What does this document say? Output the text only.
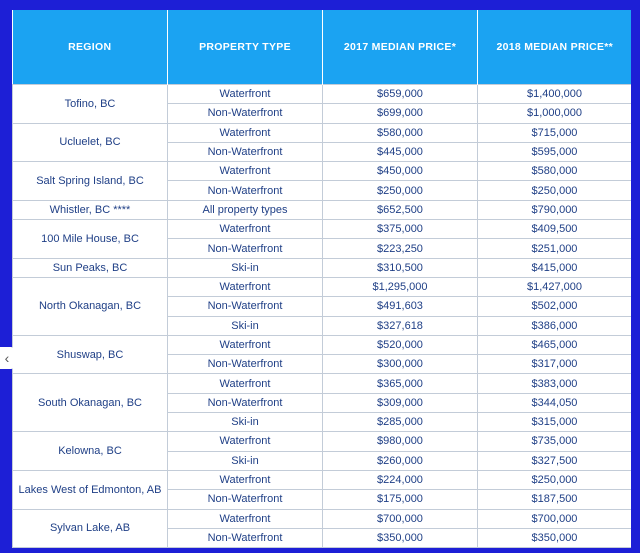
REGION	PROPERTY TYPE	2017 MEDIAN PRICE*	2018 MEDIAN PRICE**
Tofino, BC	Waterfront	$659,000	$1,400,000
	Non-Waterfront	$699,000	$1,000,000
Ucluelet, BC	Waterfront	$580,000	$715,000
	Non-Waterfront	$445,000	$595,000
Salt Spring Island, BC	Waterfront	$450,000	$580,000
	Non-Waterfront	$250,000	$250,000
Whistler, BC ****	All property types	$652,500	$790,000
100 Mile House, BC	Waterfront	$375,000	$409,500
	Non-Waterfront	$223,250	$251,000
Sun Peaks, BC	Ski-in	$310,500	$415,000
North Okanagan, BC	Waterfront	$1,295,000	$1,427,000
	Non-Waterfront	$491,603	$502,000
	Ski-in	$327,618	$386,000
Shuswap, BC	Waterfront	$520,000	$465,000
	Non-Waterfront	$300,000	$317,000
South Okanagan, BC	Waterfront	$365,000	$383,000
	Non-Waterfront	$309,000	$344,050
	Ski-in	$285,000	$315,000
Kelowna, BC	Waterfront	$980,000	$735,000
	Ski-in	$260,000	$327,500
Lakes West of Edmonton, AB	Waterfront	$224,000	$250,000
	Non-Waterfront	$175,000	$187,500
Sylvan Lake, AB	Waterfront	$700,000	$700,000
	Non-Waterfront	$350,000	$350,000
‹
